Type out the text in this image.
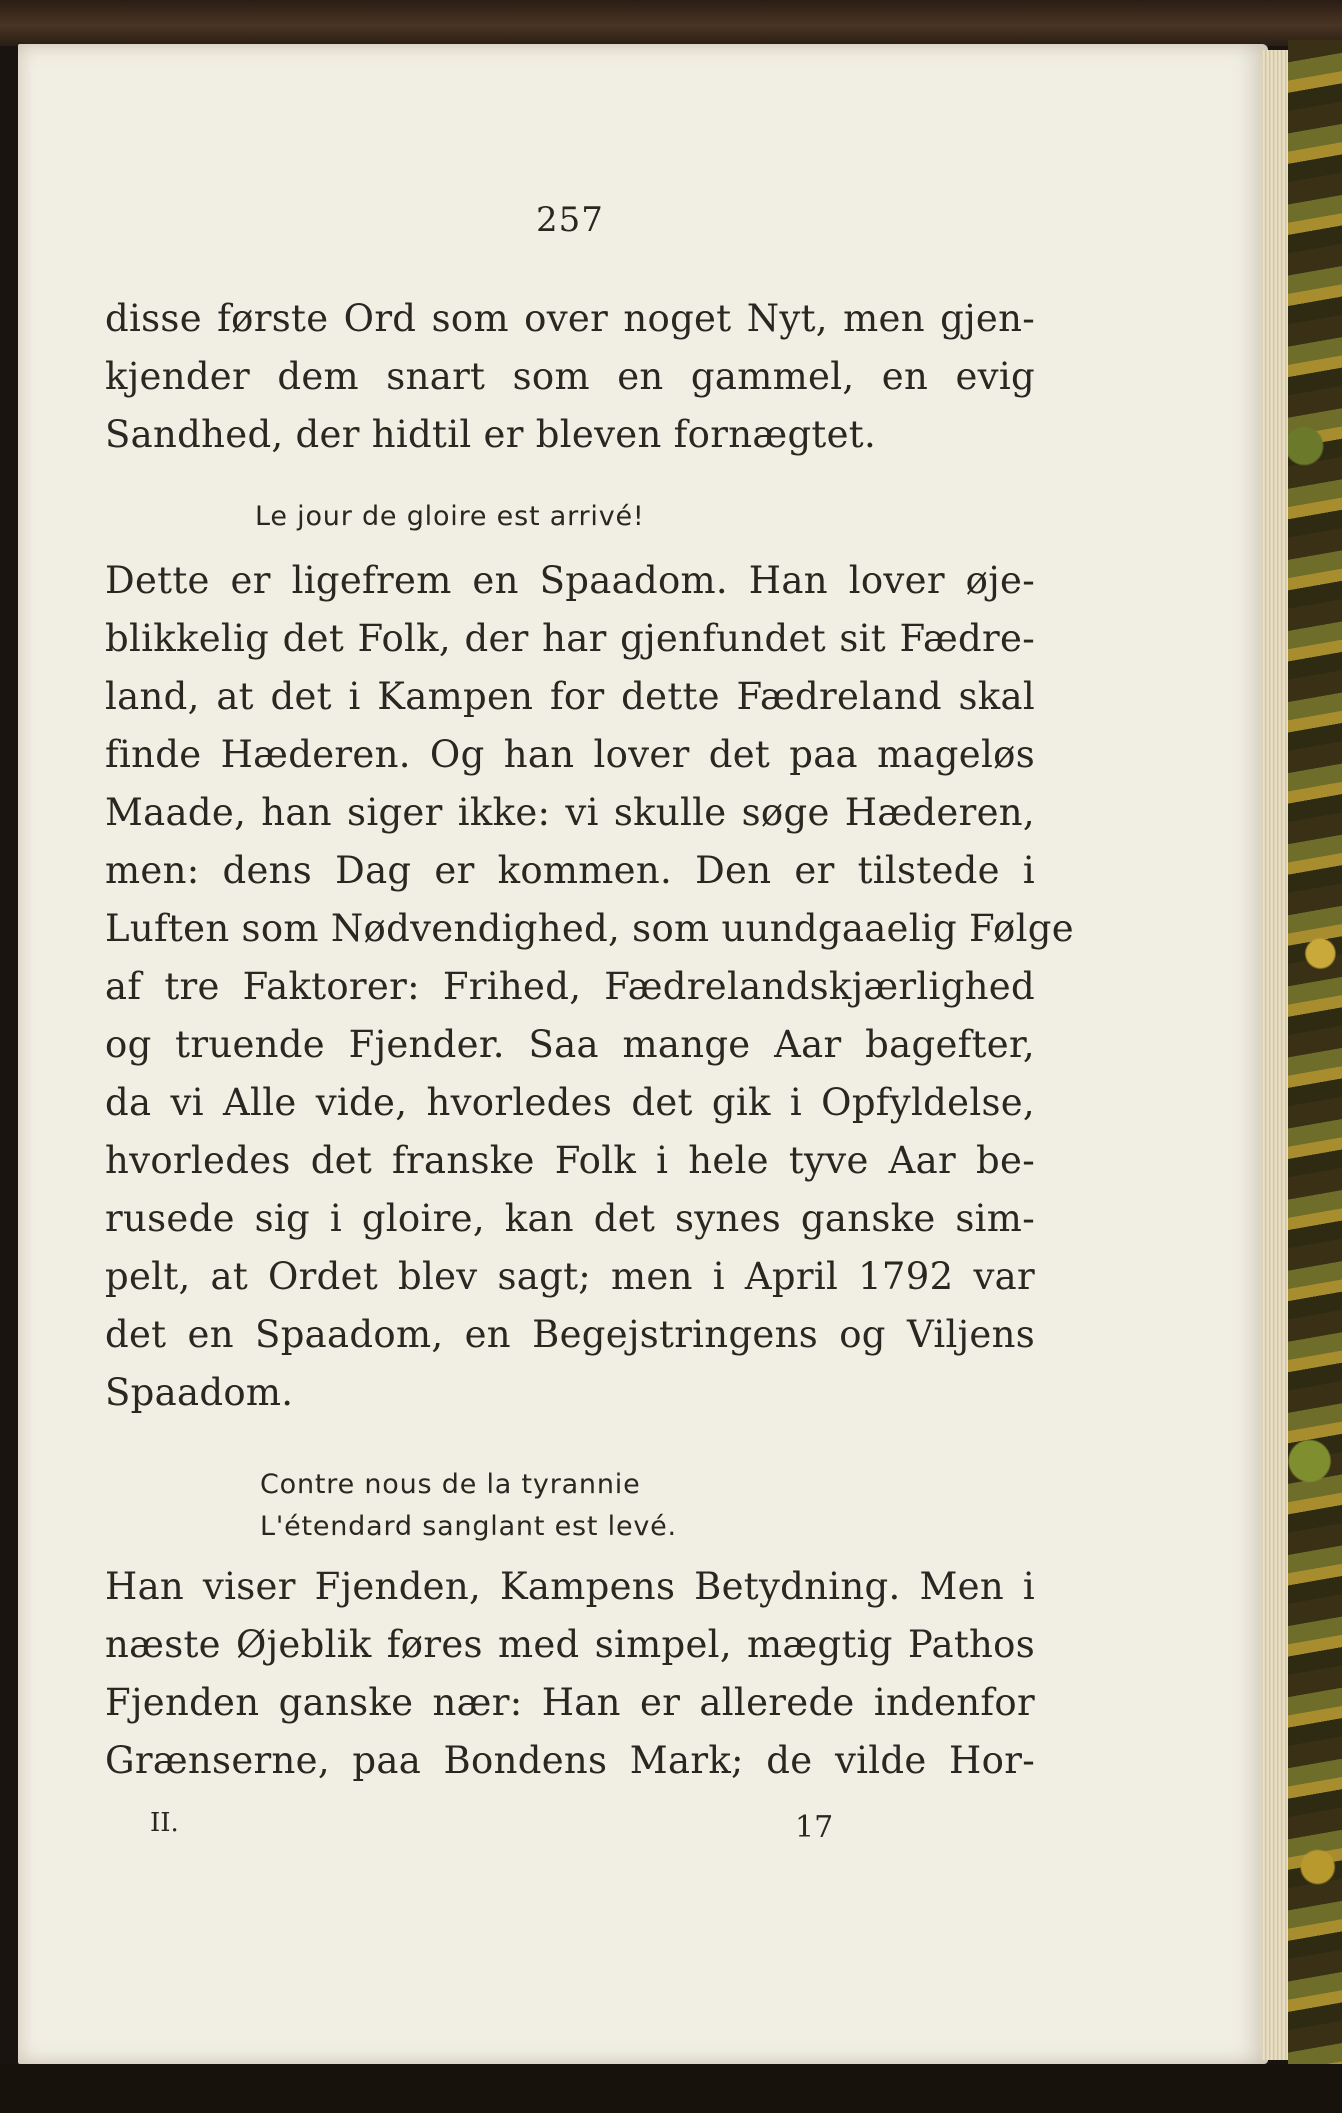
257
disse første Ord som over noget Nyt, men gjen-
kjender dem snart som en gammel, en evig
Sandhed, der hidtil er bleven fornægtet.
Le jour de gloire est arrivé!
Dette er ligefrem en Spaadom. Han lover øje-
blikkelig det Folk, der har gjenfundet sit Fædre-
land, at det i Kampen for dette Fædreland skal
finde Hæderen. Og han lover det paa mageløs
Maade, han siger ikke: vi skulle søge Hæderen,
men: dens Dag er kommen. Den er tilstede i
Luften som Nødvendighed, som uundgaaelig Følge
af tre Faktorer: Frihed, Fædrelandskjærlighed
og truende Fjender. Saa mange Aar bagefter,
da vi Alle vide, hvorledes det gik i Opfyldelse,
hvorledes det franske Folk i hele tyve Aar be-
rusede sig i gloire, kan det synes ganske sim-
pelt, at Ordet blev sagt; men i April 1792 var
det en Spaadom, en Begejstringens og Viljens
Spaadom.
Contre nous de la tyrannie
L'étendard sanglant est levé.
Han viser Fjenden, Kampens Betydning. Men i
næste Øjeblik føres med simpel, mægtig Pathos
Fjenden ganske nær: Han er allerede indenfor
Grænserne, paa Bondens Mark; de vilde Hor-
II.	17
